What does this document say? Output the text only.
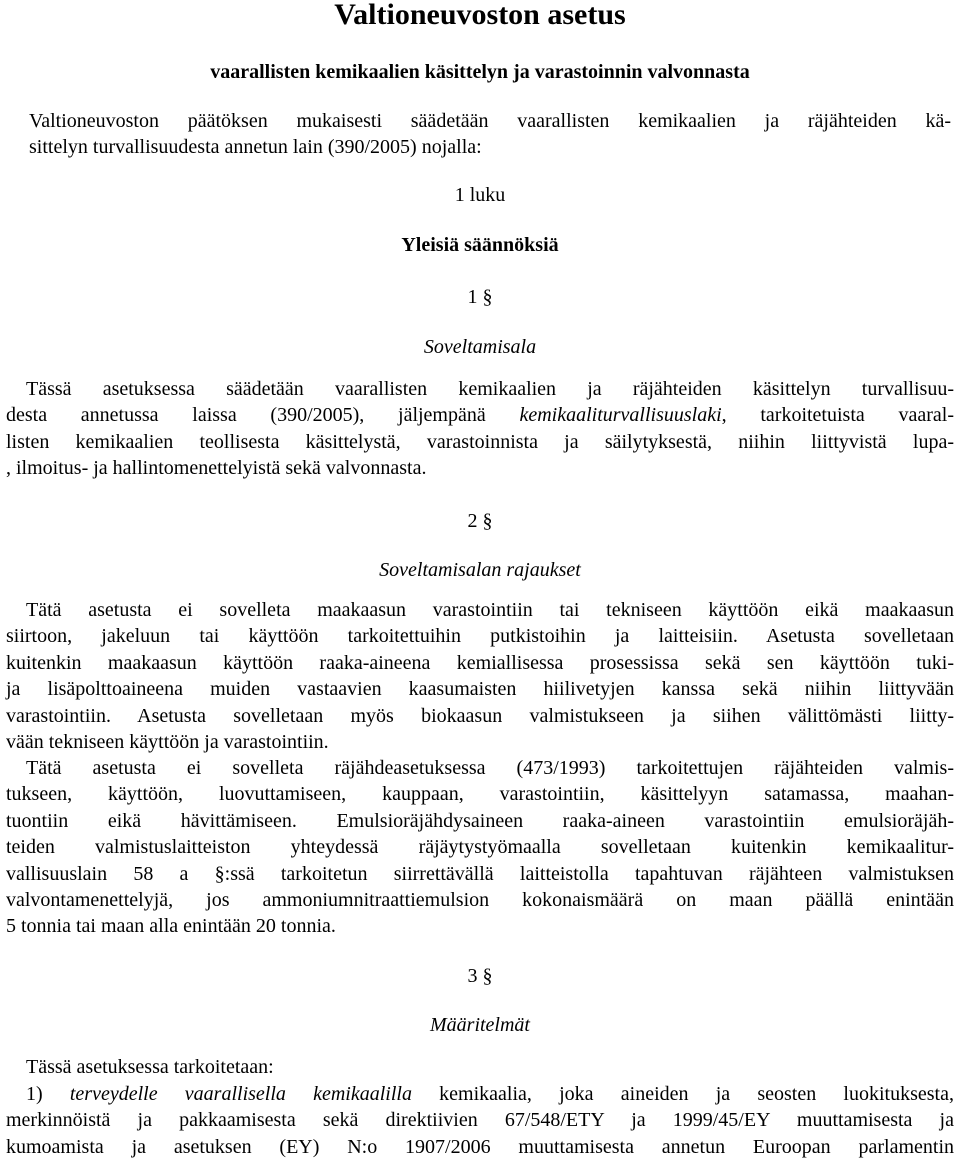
Valtioneuvoston asetus
vaarallisten kemikaalien käsittelyn ja varastoinnin valvonnasta
Valtioneuvoston päätöksen mukaisesti säädetään vaarallisten kemikaalien ja räjähteiden kä-
sittelyn turvallisuudesta annetun lain (390/2005) nojalla:
1 luku
Yleisiä säännöksiä
1 §
Soveltamisala
Tässä asetuksessa säädetään vaarallisten kemikaalien ja räjähteiden käsittelyn turvallisuu-
desta annetussa laissa (390/2005), jäljempänä kemikaaliturvallisuuslaki, tarkoitetuista vaaral-
listen kemikaalien teollisesta käsittelystä, varastoinnista ja säilytyksestä, niihin liittyvistä lupa-
, ilmoitus- ja hallintomenettelyistä sekä valvonnasta.
2 §
Soveltamisalan rajaukset
Tätä asetusta ei sovelleta maakaasun varastointiin tai tekniseen käyttöön eikä maakaasun
siirtoon, jakeluun tai käyttöön tarkoitettuihin putkistoihin ja laitteisiin. Asetusta sovelletaan
kuitenkin maakaasun käyttöön raaka-aineena kemiallisessa prosessissa sekä sen käyttöön tuki-
ja lisäpolttoaineena muiden vastaavien kaasumaisten hiilivetyjen kanssa sekä niihin liittyvään
varastointiin. Asetusta sovelletaan myös biokaasun valmistukseen ja siihen välittömästi liitty-
vään tekniseen käyttöön ja varastointiin.
Tätä asetusta ei sovelleta räjähdeasetuksessa (473/1993) tarkoitettujen räjähteiden valmis-
tukseen, käyttöön, luovuttamiseen, kauppaan, varastointiin, käsittelyyn satamassa, maahan-
tuontiin eikä hävittämiseen. Emulsioräjähdysaineen raaka-aineen varastointiin emulsioräjäh-
teiden valmistuslaitteiston yhteydessä räjäytystyömaalla sovelletaan kuitenkin kemikaalitur-
vallisuuslain 58 a §:ssä tarkoitetun siirrettävällä laitteistolla tapahtuvan räjähteen valmistuksen
valvontamenettelyjä, jos ammoniumnitraattiemulsion kokonaismäärä on maan päällä enintään
5 tonnia tai maan alla enintään 20 tonnia.
3 §
Määritelmät
Tässä asetuksessa tarkoitetaan:
1) terveydelle vaarallisella kemikaalilla kemikaalia, joka aineiden ja seosten luokituksesta,
merkinnöistä ja pakkaamisesta sekä direktiivien 67/548/ETY ja 1999/45/EY muuttamisesta ja
kumoamista ja asetuksen (EY) N:o 1907/2006 muuttamisesta annetun Euroopan parlamentin
